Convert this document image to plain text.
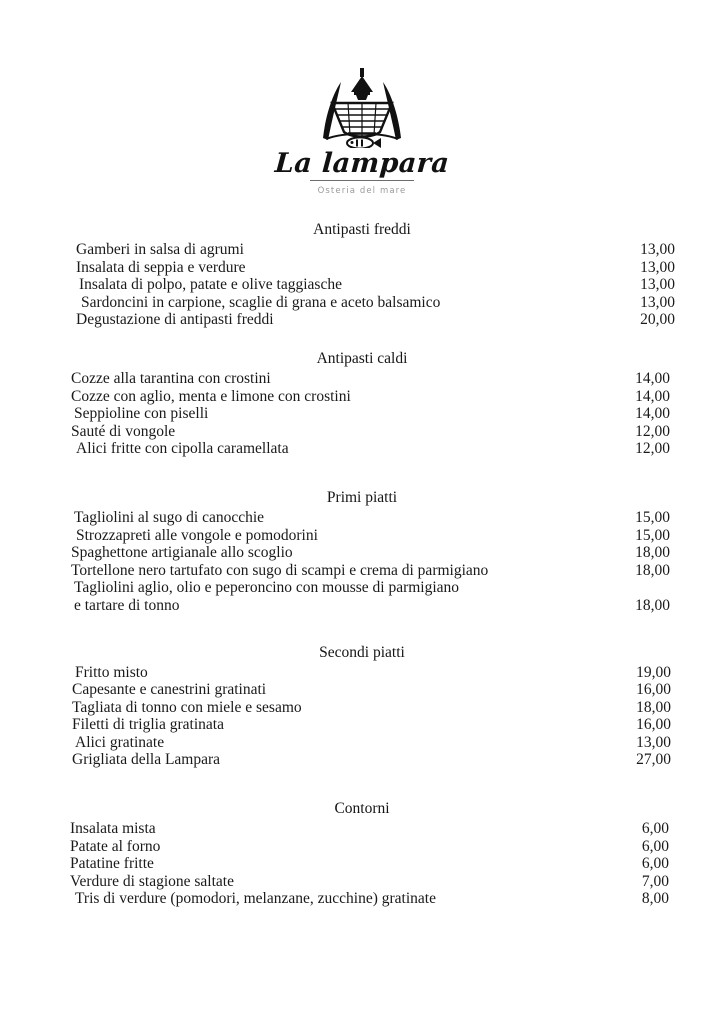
La lampara
Osteria del mare
Antipasti freddi
Gamberi in salsa di agrumi	13,00
Insalata di seppia e verdure	13,00
Insalata di polpo, patate e olive taggiasche	13,00
Sardoncini in carpione, scaglie di grana e aceto balsamico	13,00
Degustazione di antipasti freddi	20,00
Antipasti caldi
Cozze alla tarantina con crostini	14,00
Cozze con aglio, menta e limone con crostini	14,00
Seppioline con piselli	14,00
Sauté di vongole	12,00
Alici fritte con cipolla caramellata	12,00
Primi piatti
Tagliolini al sugo di canocchie	15,00
Strozzapreti alle vongole e pomodorini	15,00
Spaghettone artigianale allo scoglio	18,00
Tortellone nero tartufato con sugo di scampi e crema di parmigiano	18,00
Tagliolini aglio, olio e peperoncino con mousse di parmigiano
e tartare di tonno	18,00
Secondi piatti
Fritto misto	19,00
Capesante e canestrini gratinati	16,00
Tagliata di tonno con miele e sesamo	18,00
Filetti di triglia gratinata	16,00
Alici gratinate	13,00
Grigliata della Lampara	27,00
Contorni
Insalata mista	6,00
Patate al forno	6,00
Patatine fritte	6,00
Verdure di stagione saltate	7,00
Tris di verdure (pomodori, melanzane, zucchine) gratinate	8,00
